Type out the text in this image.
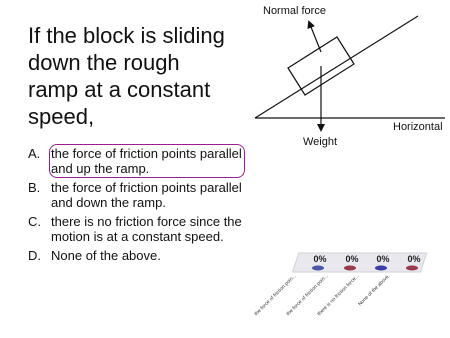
If the block is sliding
down the rough
ramp at a constant
speed,
A. the force of friction points parallel and up the ramp.
B. the force of friction points parallel and down the ramp.
C. there is no friction force since the motion is at a constant speed.
D. None of the above.
Normal force
Weight
Horizontal
0%
the force of friction poin...
0%
the force of friction poin...
0%
there is no friction force...
0%
None of the above.
